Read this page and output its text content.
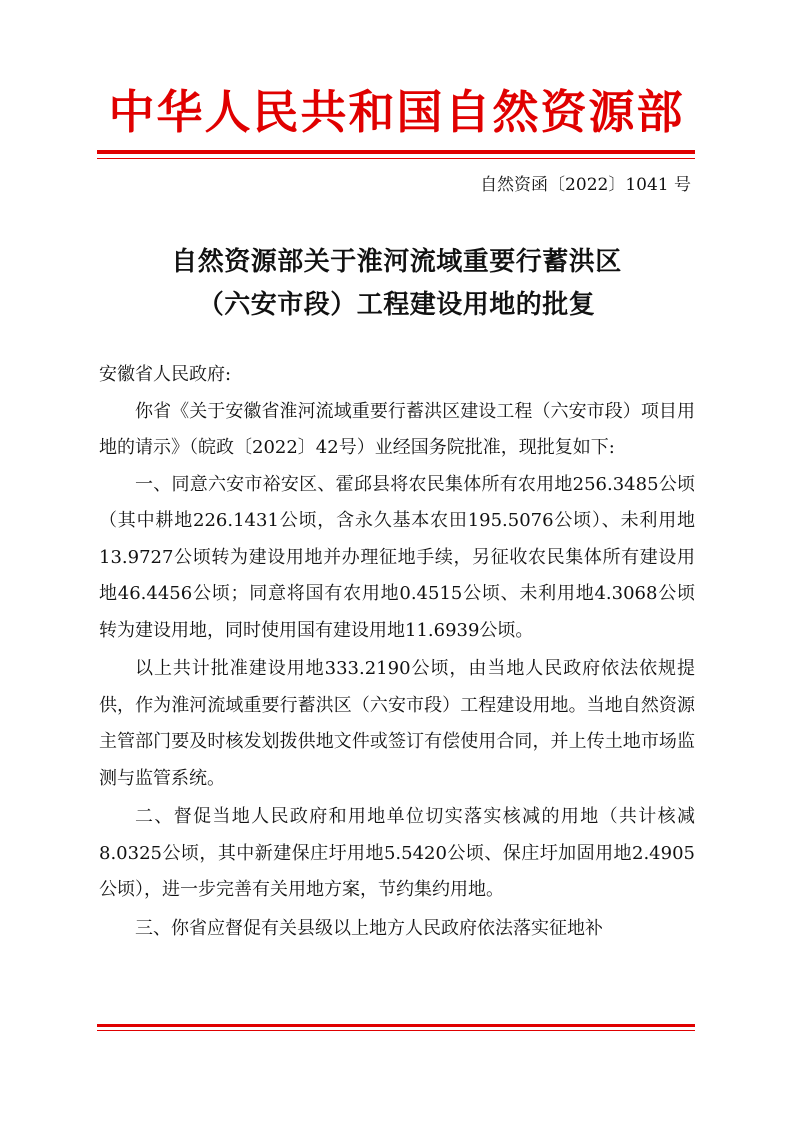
中华人民共和国自然资源部
自然资函〔2022〕1041 号
自然资源部关于淮河流域重要行蓄洪区
（六安市段）工程建设用地的批复

安徽省人民政府:

你省《关于安徽省淮河流域重要行蓄洪区建设工程（六安市段）项目用地的请示》（皖政〔2022〕42号）业经国务院批准，现批复如下:

一、同意六安市裕安区、霍邱县将农民集体所有农用地256.3485公顷（其中耕地226.1431公顷，含永久基本农田195.5076公顷）、未利用地13.9727公顷转为建设用地并办理征地手续，另征收农民集体所有建设用地46.4456公顷；同意将国有农用地0.4515公顷、未利用地4.3068公顷转为建设用地，同时使用国有建设用地11.6939公顷。

以上共计批准建设用地333.2190公顷，由当地人民政府依法依规提供，作为淮河流域重要行蓄洪区（六安市段）工程建设用地。当地自然资源主管部门要及时核发划拨供地文件或签订有偿使用合同，并上传土地市场监测与监管系统。

二、督促当地人民政府和用地单位切实落实核减的用地（共计核减8.0325公顷，其中新建保庄圩用地5.5420公顷、保庄圩加固用地2.4905公顷），进一步完善有关用地方案，节约集约用地。

三、你省应督促有关县级以上地方人民政府依法落实征地补
